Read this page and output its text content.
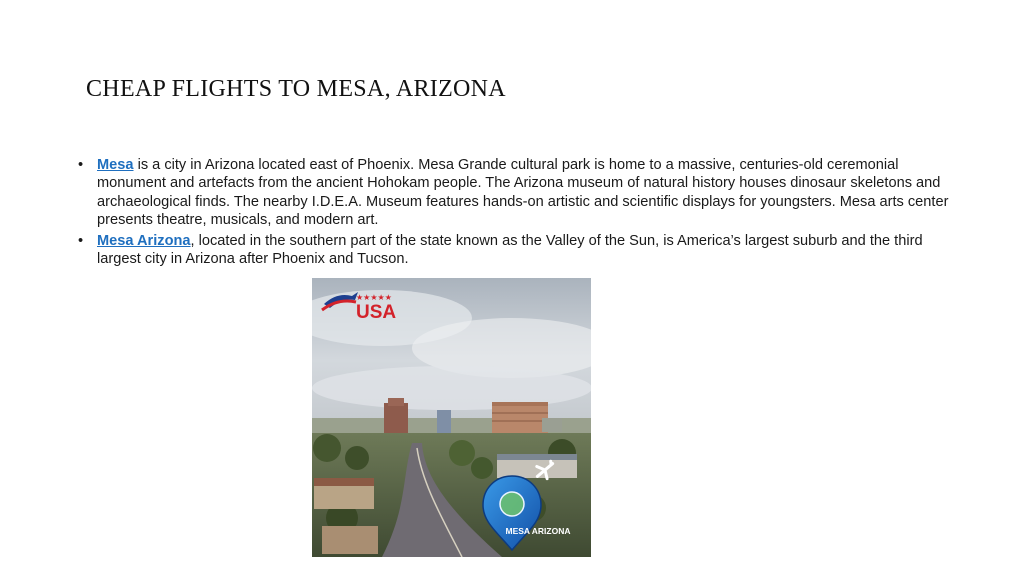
CHEAP FLIGHTS TO MESA, ARIZONA
• Mesa is a city in Arizona located east of Phoenix. Mesa Grande cultural park is home to a massive, centuries-old ceremonial monument and artefacts from the ancient Hohokam people. The Arizona museum of natural history houses dinosaur skeletons and archaeological finds. The nearby I.D.E.A. Museum features hands-on artistic and scientific displays for youngsters. Mesa arts center presents theatre, musicals, and modern art.
• Mesa Arizona, located in the southern part of the state known as the Valley of the Sun, is America’s largest suburb and the third largest city in Arizona after Phoenix and Tucson.
★★★★★
USA
MESA ARIZONA
